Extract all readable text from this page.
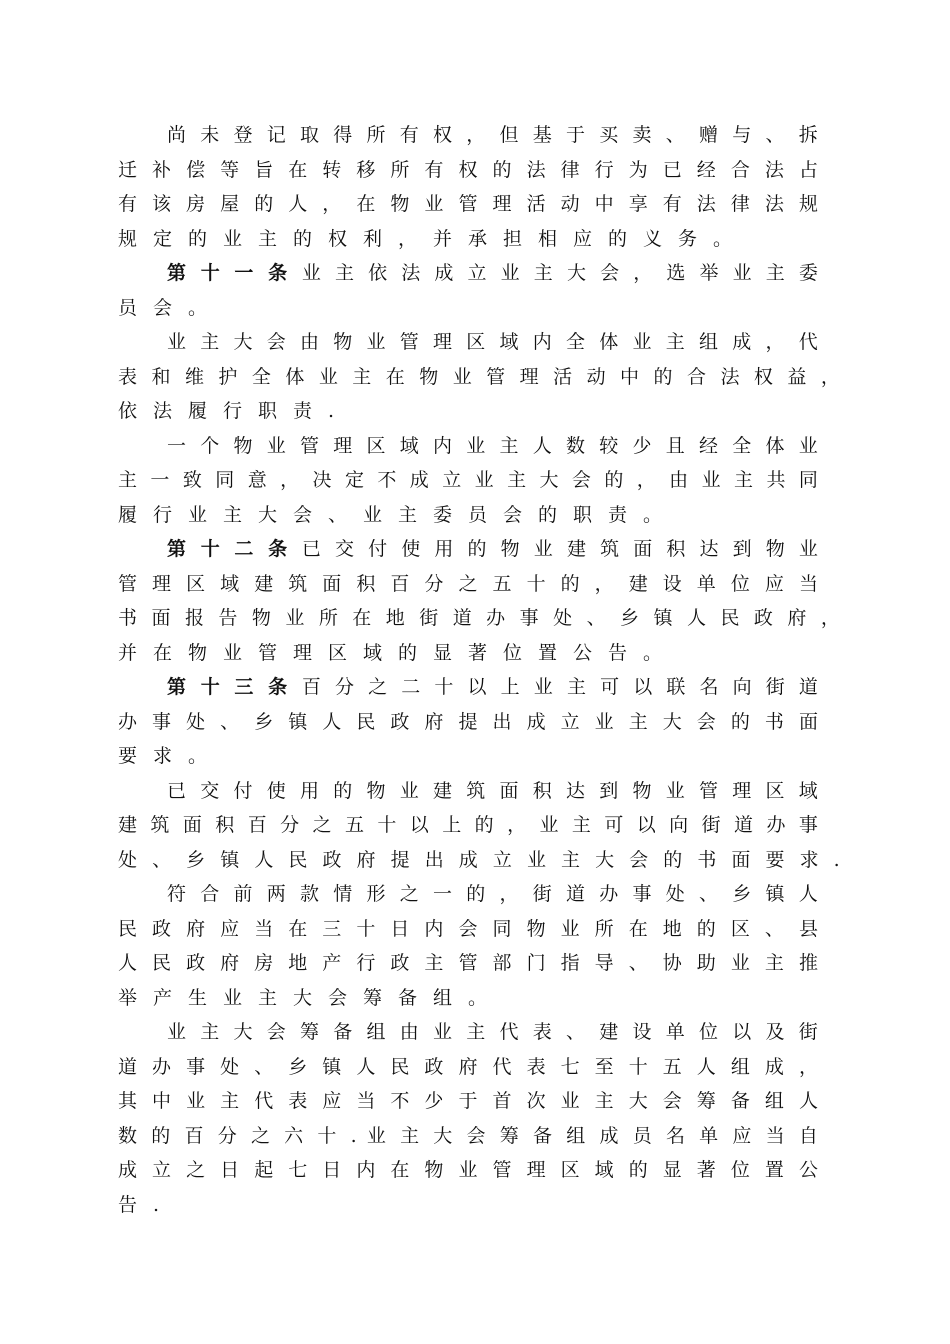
尚 未 登 记 取 得 所 有 权 ， 但 基 于 买 卖 、 赠 与 、 拆
迁 补 偿 等 旨 在 转 移 所 有 权 的 法 律 行 为 已 经 合 法 占
有 该 房 屋 的 人 ， 在 物 业 管 理 活 动 中 享 有 法 律 法 规
规定的业主的权利，并承担相应的义务。
第 十 一 条 业 主 依 法 成 立 业 主 大 会 ， 选 举 业 主 委
员会。
业 主 大 会 由 物 业 管 理 区 域 内 全 体 业 主 组 成 ， 代
表 和 维 护 全 体 业 主 在 物 业 管 理 活 动 中 的 合 法 权 益 ，
依法履行职责.
一 个 物 业 管 理 区 域 内 业 主 人 数 较 少 且 经 全 体 业
主 一 致 同 意 ， 决 定 不 成 立 业 主 大 会 的 ， 由 业 主 共 同
履行业主大会、业主委员会的职责。
第 十 二 条 已 交 付 使 用 的 物 业 建 筑 面 积 达 到 物 业
管 理 区 域 建 筑 面 积 百 分 之 五 十 的 ， 建 设 单 位 应 当
书 面 报 告 物 业 所 在 地 街 道 办 事 处 、 乡 镇 人 民 政 府 ，
并在物业管理区域的显著位置公告。
第 十 三 条 百 分 之 二 十 以 上 业 主 可 以 联 名 向 街 道
办 事 处 、 乡 镇 人 民 政 府 提 出 成 立 业 主 大 会 的 书 面
要求。
已 交 付 使 用 的 物 业 建 筑 面 积 达 到 物 业 管 理 区 域
建 筑 面 积 百 分 之 五 十 以 上 的 ， 业 主 可 以 向 街 道 办 事
处 、 乡 镇 人 民 政 府 提 出 成 立 业 主 大 会 的 书 面 要 求 .
符 合 前 两 款 情 形 之 一 的 ， 街 道 办 事 处 、 乡 镇 人
民 政 府 应 当 在 三 十 日 内 会 同 物 业 所 在 地 的 区 、 县
人 民 政 府 房 地 产 行 政 主 管 部 门 指 导 、 协 助 业 主 推
举产生业主大会筹备组。
业 主 大 会 筹 备 组 由 业 主 代 表 、 建 设 单 位 以 及 街
道 办 事 处 、 乡 镇 人 民 政 府 代 表 七 至 十 五 人 组 成 ，
其 中 业 主 代 表 应 当 不 少 于 首 次 业 主 大 会 筹 备 组 人
数 的 百 分 之 六 十 . 业 主 大 会 筹 备 组 成 员 名 单 应 当 自
成 立 之 日 起 七 日 内 在 物 业 管 理 区 域 的 显 著 位 置 公
告.
